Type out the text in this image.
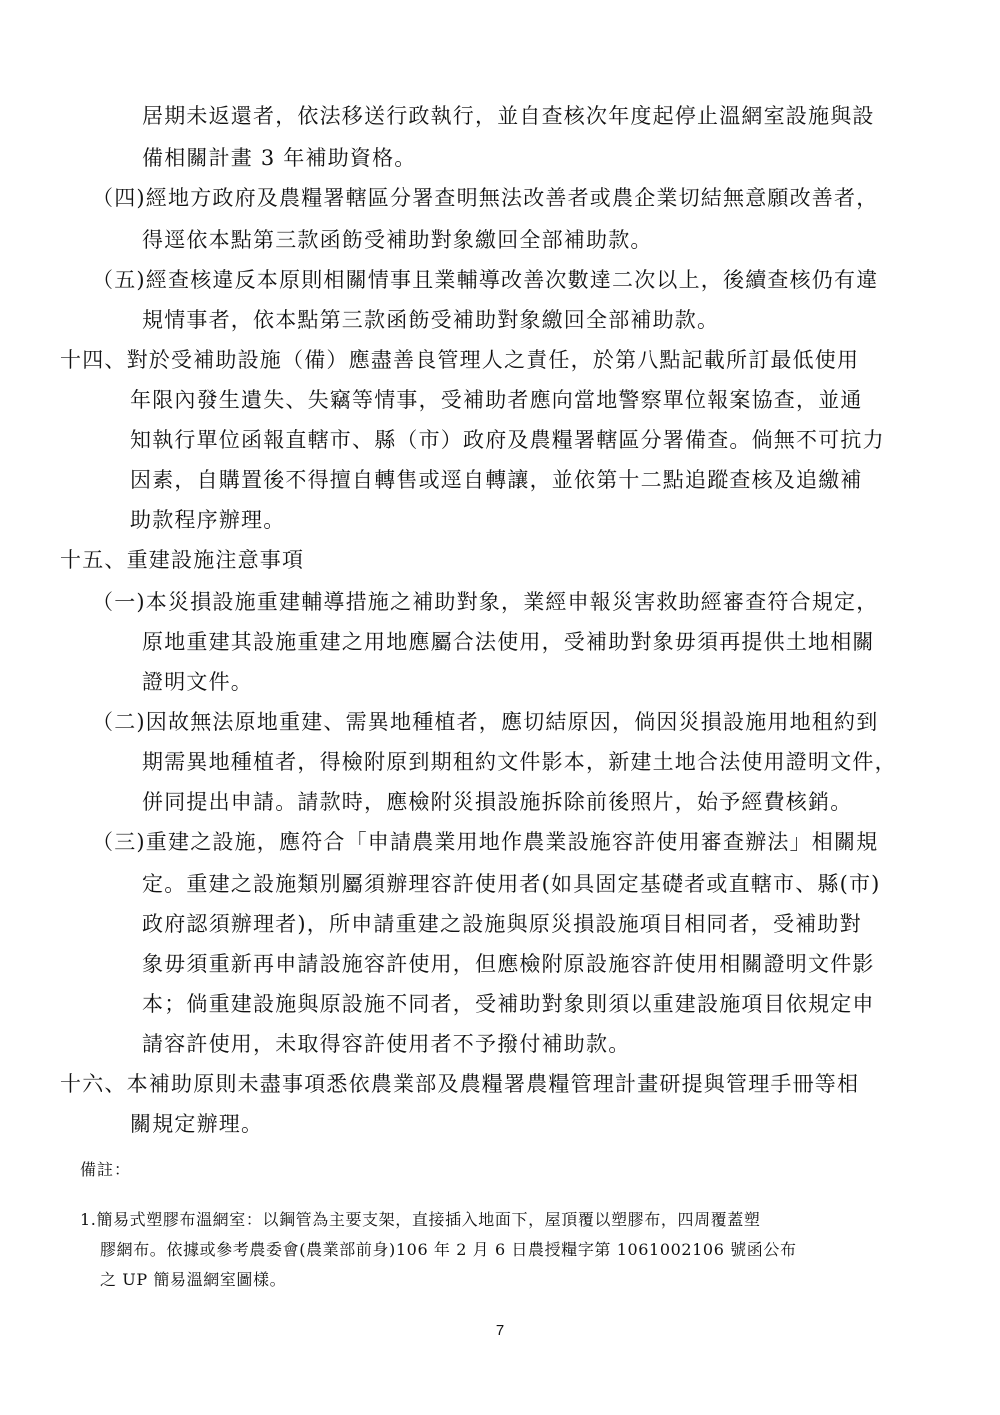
居期未返還者，依法移送行政執行，並自查核次年度起停止溫網室設施與設
備相關計畫 3 年補助資格。
（四)經地方政府及農糧署轄區分署查明無法改善者或農企業切結無意願改善者，
得逕依本點第三款函飭受補助對象繳回全部補助款。
（五)經查核違反本原則相關情事且業輔導改善次數達二次以上，後續查核仍有違
規情事者，依本點第三款函飭受補助對象繳回全部補助款。
十四、對於受補助設施（備）應盡善良管理人之責任，於第八點記載所訂最低使用
年限內發生遺失、失竊等情事，受補助者應向當地警察單位報案協查，並通
知執行單位函報直轄市、縣（市）政府及農糧署轄區分署備查。倘無不可抗力
因素，自購置後不得擅自轉售或逕自轉讓，並依第十二點追蹤查核及追繳補
助款程序辦理。
十五、重建設施注意事項
（一)本災損設施重建輔導措施之補助對象，業經申報災害救助經審查符合規定，
原地重建其設施重建之用地應屬合法使用，受補助對象毋須再提供土地相關
證明文件。
（二)因故無法原地重建、需異地種植者，應切結原因，倘因災損設施用地租約到
期需異地種植者，得檢附原到期租約文件影本，新建土地合法使用證明文件，
併同提出申請。請款時，應檢附災損設施拆除前後照片，始予經費核銷。
（三)重建之設施，應符合「申請農業用地作農業設施容許使用審查辦法」相關規
定。重建之設施類別屬須辦理容許使用者(如具固定基礎者或直轄市、縣(市)
政府認須辦理者)，所申請重建之設施與原災損設施項目相同者，受補助對
象毋須重新再申請設施容許使用，但應檢附原設施容許使用相關證明文件影
本；倘重建設施與原設施不同者，受補助對象則須以重建設施項目依規定申
請容許使用，未取得容許使用者不予撥付補助款。
十六、本補助原則未盡事項悉依農業部及農糧署農糧管理計畫研提與管理手冊等相
關規定辦理。
備註：
1.簡易式塑膠布溫網室：以鋼管為主要支架，直接插入地面下，屋頂覆以塑膠布，四周覆蓋塑
膠網布。依據或參考農委會(農業部前身)106 年 2 月 6 日農授糧字第 1061002106 號函公布
之 UP 簡易溫網室圖樣。
7
